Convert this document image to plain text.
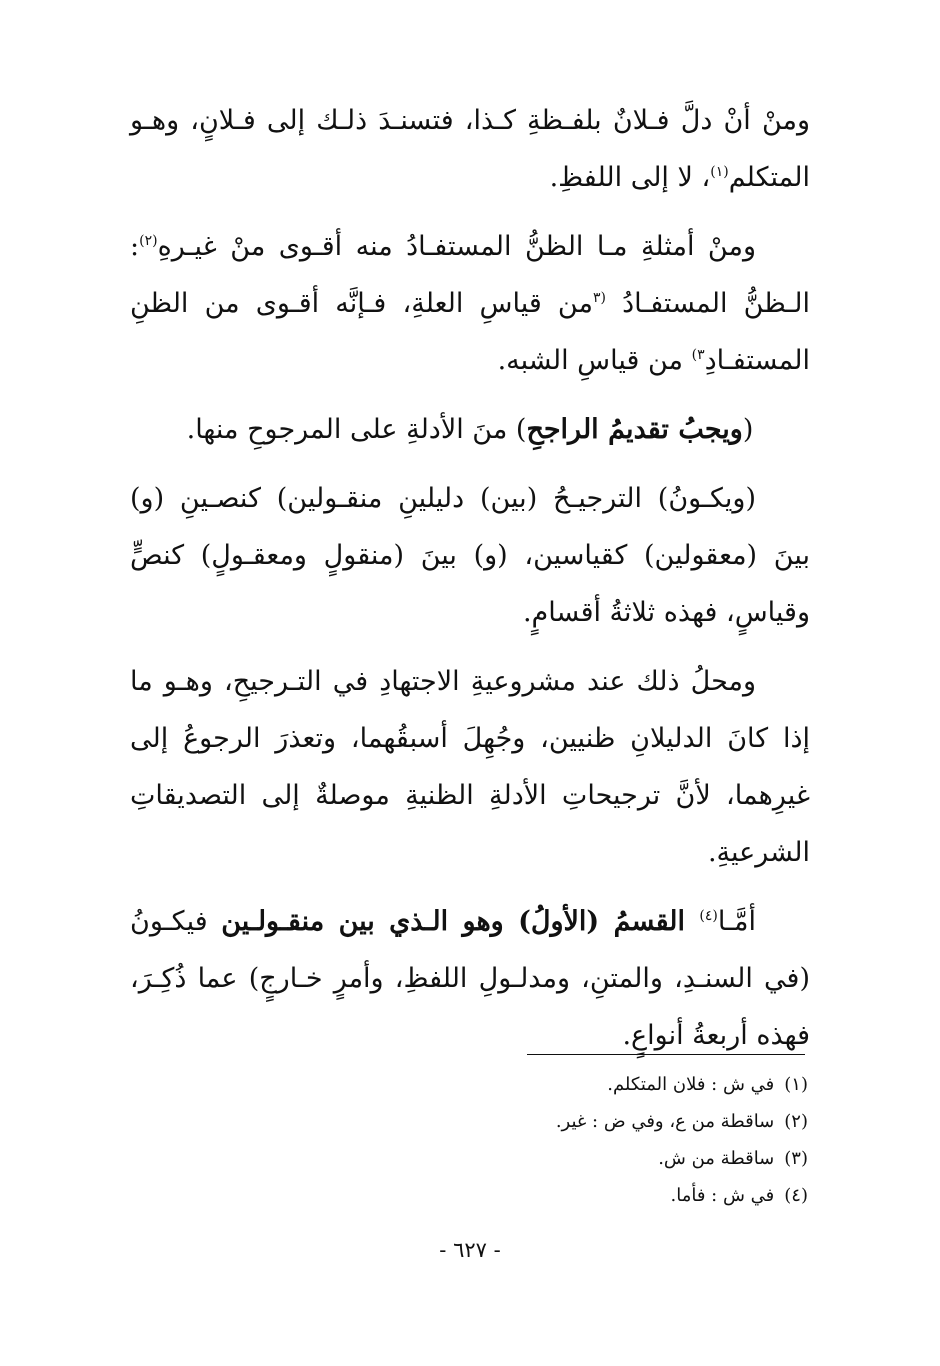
ومنْ أنْ دلَّ فـلانٌ بلفـظةِ كـذا، فتسنـدَ ذلـك إلى فـلانٍ، وهـو المتكلم$^{(١)}$، لا إلى اللفظِ.

ومنْ أمثلةِ مـا الظنُّ المستفـادُ منه أقـوى منْ غيـرهِ$^{(٢)}$: الـظنُّ المستفـادُ $^{(٣}$من قياسِ العلةِ، فـإنَّه أقـوى من الظنِ المستفـادِ$^{٣)}$ من قياسِ الشبه.

(ويجبُ تقديمُ الراجحِ) منَ الأدلةِ على المرجوحِ منها.

(ويكـونُ) الترجيـحُ (بين) دليلينِ منقـولين) كنصـينِ (و) بينَ (معقولين) كقياسين، (و) بينَ (منقولٍ ومعقـولٍ) كنصٍّ وقياسٍ، فهذه ثلاثةُ أقسامٍ.

ومحلُ ذلك عند مشروعيةِ الاجتهادِ في التـرجيحِ، وهـو ما إذا كانَ الدليلانِ ظنيين، وجُهِلَ أسبقُهما، وتعذرَ الرجوعُ إلى غيرِهما، لأنَّ ترجيحاتِ الأدلةِ الظنيةِ موصلةٌ إلى التصديقاتِ الشرعيةِ.

أمَّـا$^{(٤)}$ القسمُ (الأولُ) وهو الـذي بين منقـولـين فيكـونُ (في السنـدِ، والمتنِ، ومدلـولِ اللفظِ، وأمرٍ خـارجٍ) عما ذُكِـرَ، فهذه أربعةُ أنواعٍ.

(١)في ش : فلان المتكلم.
(٢)ساقطة من ع، وفي ض : غير.
(٣)ساقطة من ش.
(٤)في ش : فأما.
- ٦٢٧ -
